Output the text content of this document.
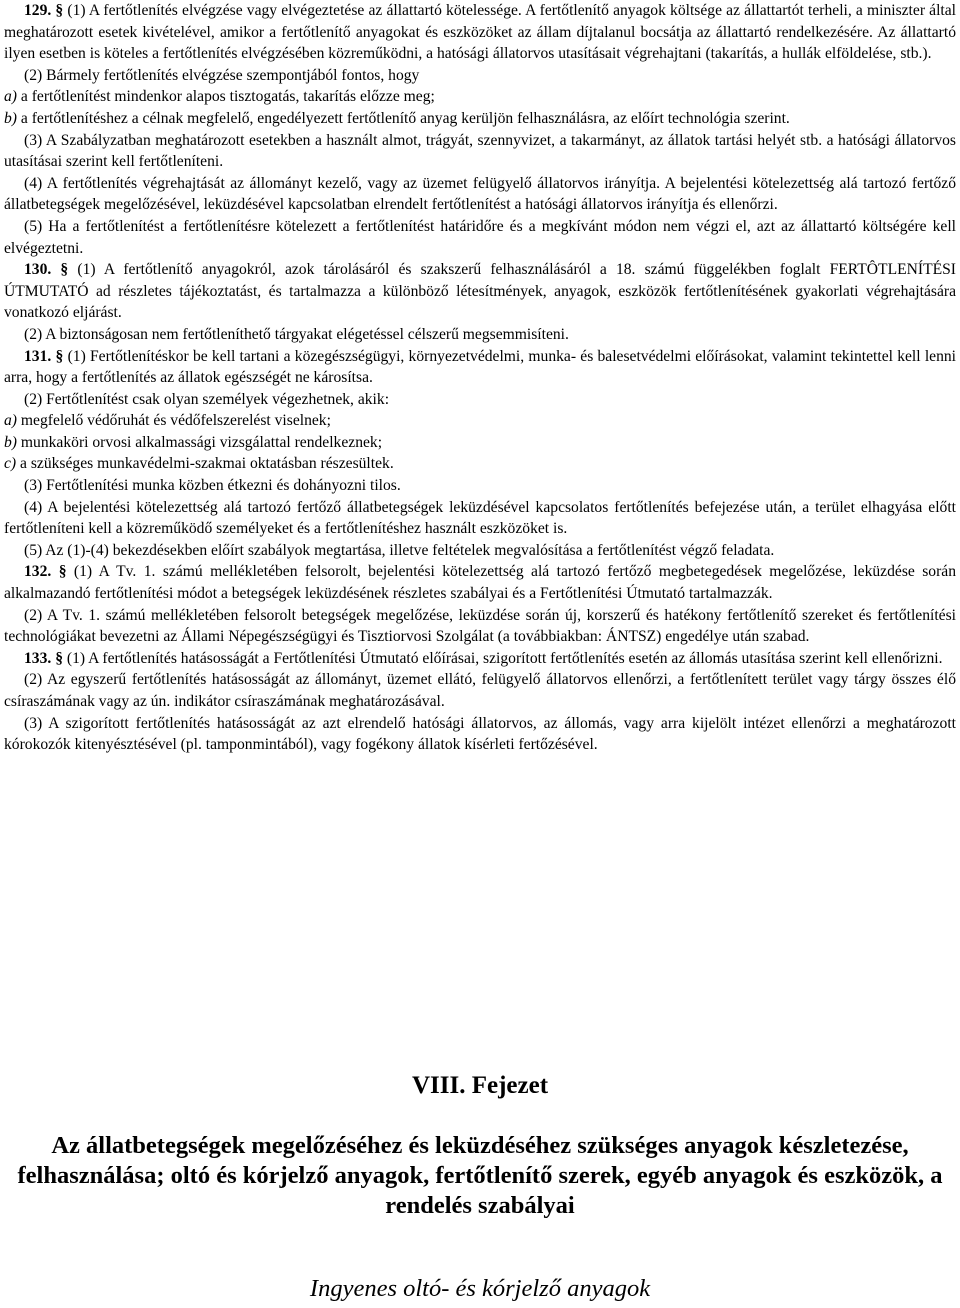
129. § (1) A fertőtlenítés elvégzése vagy elvégeztetése az állattartó kötelessége. A fertőtlenítő anyagok költsége az állattartót terheli, a miniszter által meghatározott esetek kivételével, amikor a fertőtlenítő anyagokat és eszközöket az állam díjtalanul bocsátja az állattartó rendelkezésére. Az állattartó ilyen esetben is köteles a fertőtlenítés elvégzésében közreműködni, a hatósági állatorvos utasításait végrehajtani (takarítás, a hullák elföldelése, stb.).

(2) Bármely fertőtlenítés elvégzése szempontjából fontos, hogy

a) a fertőtlenítést mindenkor alapos tisztogatás, takarítás előzze meg;

b) a fertőtlenítéshez a célnak megfelelő, engedélyezett fertőtlenítő anyag kerüljön felhasználásra, az előírt technológia szerint.

(3) A Szabályzatban meghatározott esetekben a használt almot, trágyát, szennyvizet, a takarmányt, az állatok tartási helyét stb. a hatósági állatorvos utasításai szerint kell fertőtleníteni.

(4) A fertőtlenítés végrehajtását az állományt kezelő, vagy az üzemet felügyelő állatorvos irányítja. A bejelentési kötelezettség alá tartozó fertőző állatbetegségek megelőzésével, leküzdésével kapcsolatban elrendelt fertőtlenítést a hatósági állatorvos irányítja és ellenőrzi.

(5) Ha a fertőtlenítést a fertőtlenítésre kötelezett a fertőtlenítést határidőre és a megkívánt módon nem végzi el, azt az állattartó költségére kell elvégeztetni.

130. § (1) A fertőtlenítő anyagokról, azok tárolásáról és szakszerű felhasználásáról a 18. számú függelékben foglalt FERTÔTLENÍTÉSI ÚTMUTATÓ ad részletes tájékoztatást, és tartalmazza a különböző létesítmények, anyagok, eszközök fertőtlenítésének gyakorlati végrehajtására vonatkozó eljárást.

(2) A biztonságosan nem fertőtleníthető tárgyakat elégetéssel célszerű megsemmisíteni.

131. § (1) Fertőtlenítéskor be kell tartani a közegészségügyi, környezetvédelmi, munka- és balesetvédelmi előírásokat, valamint tekintettel kell lenni arra, hogy a fertőtlenítés az állatok egészségét ne károsítsa.

(2) Fertőtlenítést csak olyan személyek végezhetnek, akik:

a) megfelelő védőruhát és védőfelszerelést viselnek;

b) munkaköri orvosi alkalmassági vizsgálattal rendelkeznek;

c) a szükséges munkavédelmi-szakmai oktatásban részesültek.

(3) Fertőtlenítési munka közben étkezni és dohányozni tilos.

(4) A bejelentési kötelezettség alá tartozó fertőző állatbetegségek leküzdésével kapcsolatos fertőtlenítés befejezése után, a terület elhagyása előtt fertőtleníteni kell a közreműködő személyeket és a fertőtlenítéshez használt eszközöket is.

(5) Az (1)-(4) bekezdésekben előírt szabályok megtartása, illetve feltételek megvalósítása a fertőtlenítést végző feladata.

132. § (1) A Tv. 1. számú mellékletében felsorolt, bejelentési kötelezettség alá tartozó fertőző megbetegedések megelőzése, leküzdése során alkalmazandó fertőtlenítési módot a betegségek leküzdésének részletes szabályai és a Fertőtlenítési Útmutató tartalmazzák.

(2) A Tv. 1. számú mellékletében felsorolt betegségek megelőzése, leküzdése során új, korszerű és hatékony fertőtlenítő szereket és fertőtlenítési technológiákat bevezetni az Állami Népegészségügyi és Tisztiorvosi Szolgálat (a továbbiakban: ÁNTSZ) engedélye után szabad.

133. § (1) A fertőtlenítés hatásosságát a Fertőtlenítési Útmutató előírásai, szigorított fertőtlenítés esetén az állomás utasítása szerint kell ellenőrizni.

(2) Az egyszerű fertőtlenítés hatásosságát az állományt, üzemet ellátó, felügyelő állatorvos ellenőrzi, a fertőtlenített terület vagy tárgy összes élő csíraszámának vagy az ún. indikátor csíraszámának meghatározásával.

(3) A szigorított fertőtlenítés hatásosságát az azt elrendelő hatósági állatorvos, az állomás, vagy arra kijelölt intézet ellenőrzi a meghatározott kórokozók kitenyésztésével (pl. tamponmintából), vagy fogékony állatok kísérleti fertőzésével.

VIII. Fejezet
Az állatbetegségek megelőzéséhez és leküzdéséhez szükséges anyagok készletezése, felhasználása; oltó és kórjelző anyagok, fertőtlenítő szerek, egyéb anyagok és eszközök, a rendelés szabályai
Ingyenes oltó- és kórjelző anyagok
